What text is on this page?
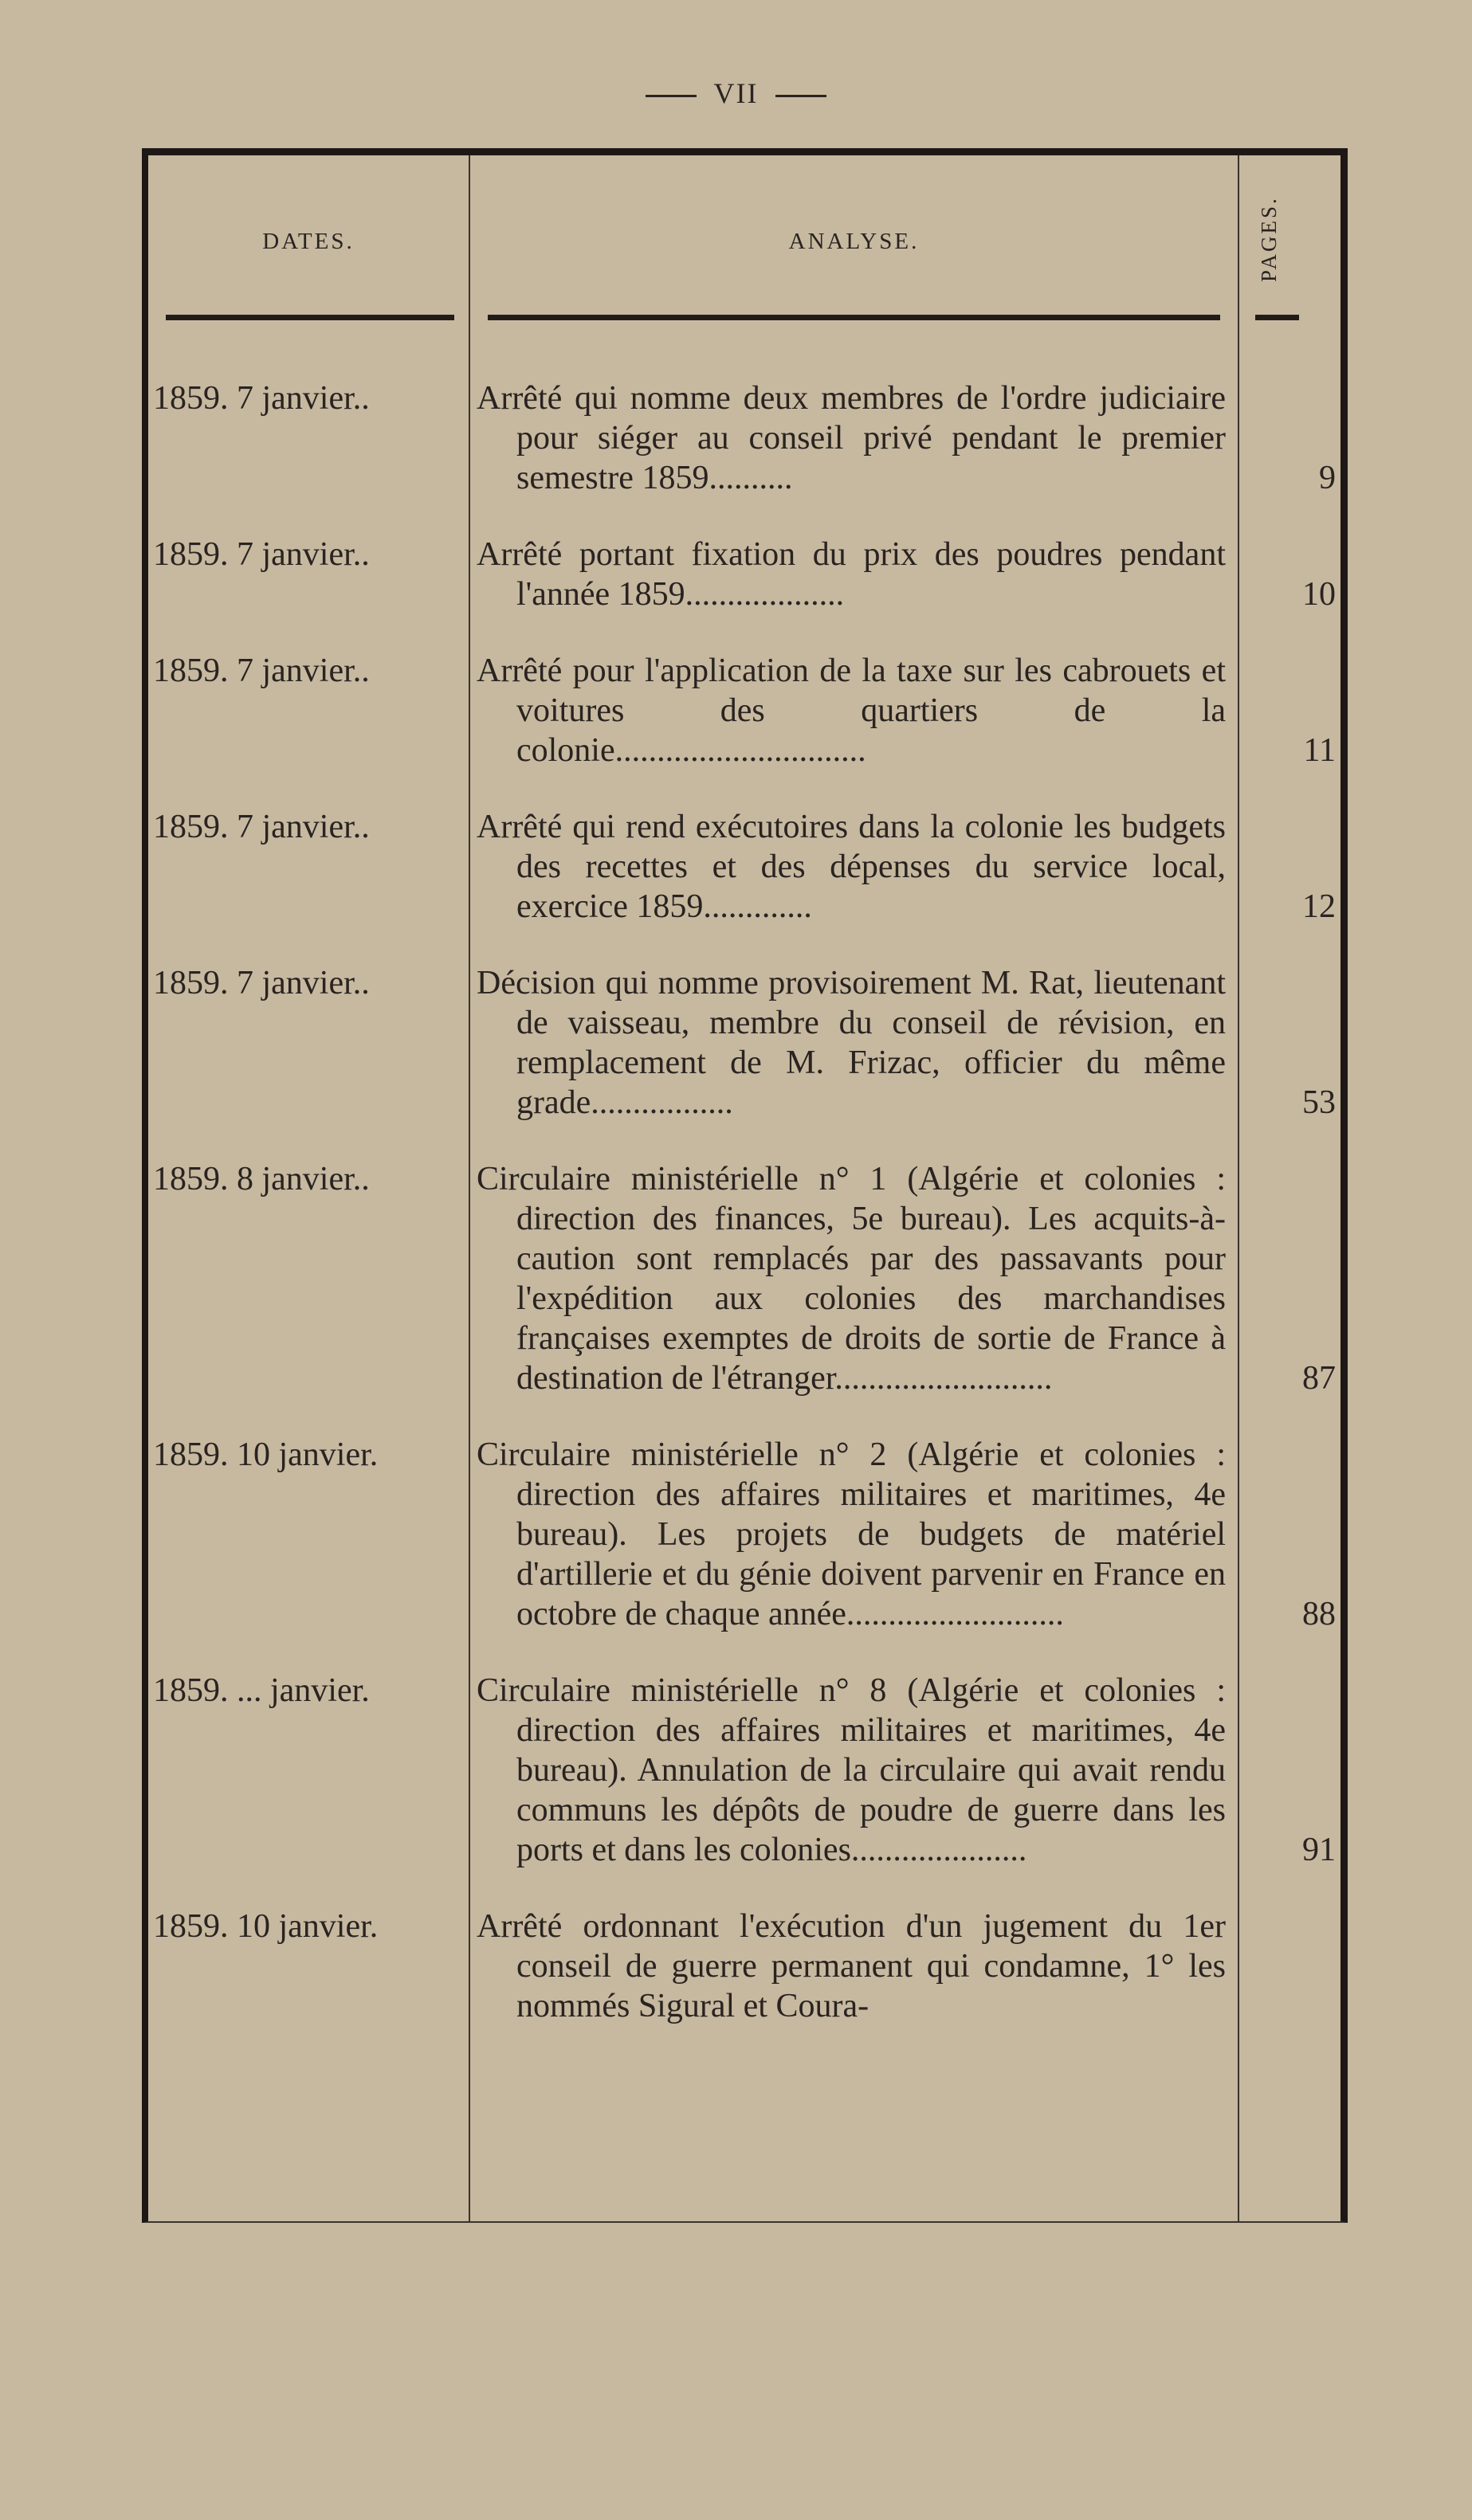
VII
DATES.	ANALYSE.	PAGES.
1859. 7 janvier..	Arrêté qui nomme deux membres de l'ordre judiciaire pour siéger au conseil privé pendant le premier semestre 1859..........	9
1859. 7 janvier..	Arrêté portant fixation du prix des poudres pendant l'année 1859...................	10
1859. 7 janvier..	Arrêté pour l'application de la taxe sur les cabrouets et voitures des quartiers de la colonie..............................	11
1859. 7 janvier..	Arrêté qui rend exécutoires dans la colonie les budgets des recettes et des dépenses du service local, exercice 1859.............	12
1859. 7 janvier..	Décision qui nomme provisoirement M. Rat, lieutenant de vaisseau, membre du conseil de révision, en remplacement de M. Frizac, officier du même grade.................	53
1859. 8 janvier..	Circulaire ministérielle n° 1 (Algérie et colonies : direction des finances, 5e bureau). Les acquits-à-caution sont remplacés par des passavants pour l'expédition aux colonies des marchandises françaises exemptes de droits de sortie de France à destination de l'étranger..........................	87
1859. 10 janvier.	Circulaire ministérielle n° 2 (Algérie et colonies : direction des affaires militaires et maritimes, 4e bureau). Les projets de budgets de matériel d'artillerie et du génie doivent parvenir en France en octobre de chaque année..........................	88
1859. ... janvier.	Circulaire ministérielle n° 8 (Algérie et colonies : direction des affaires militaires et maritimes, 4e bureau). Annulation de la circulaire qui avait rendu communs les dépôts de poudre de guerre dans les ports et dans les colonies.....................	91
1859. 10 janvier.	Arrêté ordonnant l'exécution d'un jugement du 1er conseil de guerre permanent qui condamne, 1° les nommés Sigural et Coura-
